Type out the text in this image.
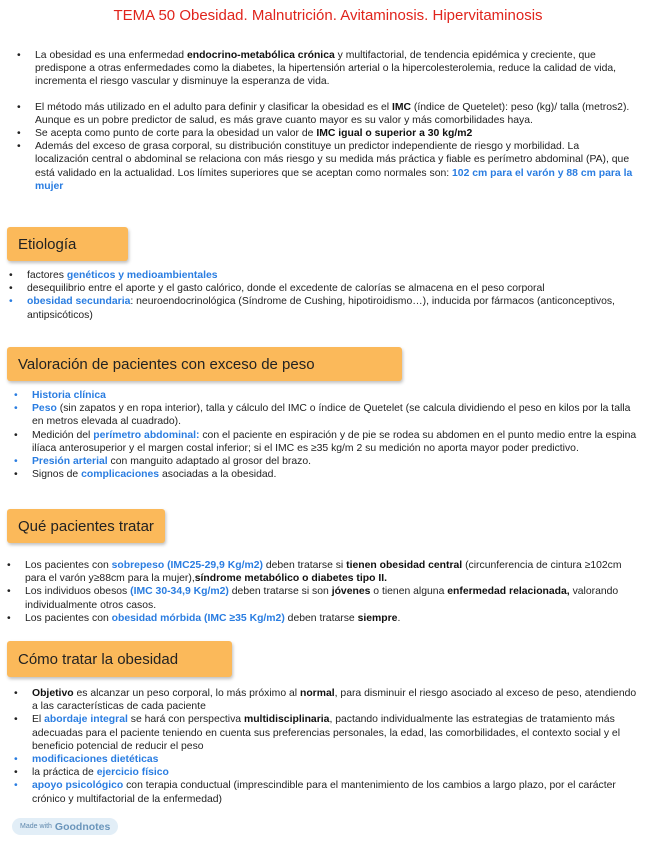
TEMA 50 Obesidad. Malnutrición. Avitaminosis. Hipervitaminosis
• La obesidad es una enfermedad endocrino-metabólica crónica y multifactorial, de tendencia epidémica y creciente, que predispone a otras enfermedades como la diabetes, la hipertensión arterial o la hipercolesterolemia, reduce la calidad de vida, incrementa el riesgo vascular y disminuye la esperanza de vida.
• El método más utilizado en el adulto para definir y clasificar la obesidad es el IMC (índice de Quetelet): peso (kg)/ talla (metros2). Aunque es un pobre predictor de salud, es más grave cuanto mayor es su valor y más comorbilidades haya.
• Se acepta como punto de corte para la obesidad un valor de IMC igual o superior a 30 kg/m2
• Además del exceso de grasa corporal, su distribución constituye un predictor independiente de riesgo y morbilidad. La localización central o abdominal se relaciona con más riesgo y su medida más práctica y fiable es perímetro abdominal (PA), que está validado en la actualidad. Los límites superiores que se aceptan como normales son: 102 cm para el varón y 88 cm para la mujer
Etiología
• factores genéticos y medioambientales
• desequilibrio entre el aporte y el gasto calórico, donde el excedente de calorías se almacena en el peso corporal
• obesidad secundaria: neuroendocrinológica (Síndrome de Cushing, hipotiroidismo…), inducida por fármacos (anticonceptivos, antipsicóticos)
Valoración de pacientes con exceso de peso
• Historia clínica
• Peso (sin zapatos y en ropa interior), talla y cálculo del IMC o índice de Quetelet (se calcula dividiendo el peso en kilos por la talla en metros elevada al cuadrado).
• Medición del perímetro abdominal: con el paciente en espiración y de pie se rodea su abdomen en el punto medio entre la espina ilíaca anterosuperior y el margen costal inferior; si el IMC es ≥35 kg/m 2 su medición no aporta mayor poder predictivo.
• Presión arterial con manguito adaptado al grosor del brazo.
• Signos de complicaciones asociadas a la obesidad.
Qué pacientes tratar
• Los pacientes con sobrepeso (IMC25-29,9 Kg/m2) deben tratarse si tienen obesidad central (circunferencia de cintura ≥102cm para el varón y≥88cm para la mujer),síndrome metabólico o diabetes tipo II.
• Los individuos obesos (IMC 30-34,9 Kg/m2) deben tratarse si son jóvenes o tienen alguna enfermedad relacionada, valorando individualmente otros casos.
• Los pacientes con obesidad mórbida (IMC ≥35 Kg/m2) deben tratarse siempre.
Cómo tratar la obesidad
• Objetivo es alcanzar un peso corporal, lo más próximo al normal, para disminuir el riesgo asociado al exceso de peso, atendiendo a las características de cada paciente
• El abordaje integral se hará con perspectiva multidisciplinaria, pactando individualmente las estrategias de tratamiento más adecuadas para el paciente teniendo en cuenta sus preferencias personales, la edad, las comorbilidades, el contexto social y el beneficio potencial de reducir el peso
• modificaciones dietéticas
• la práctica de ejercicio físico
• apoyo psicológico con terapia conductual (imprescindible para el mantenimiento de los cambios a largo plazo, por el carácter crónico y multifactorial de la enfermedad)
Made with Goodnotes
